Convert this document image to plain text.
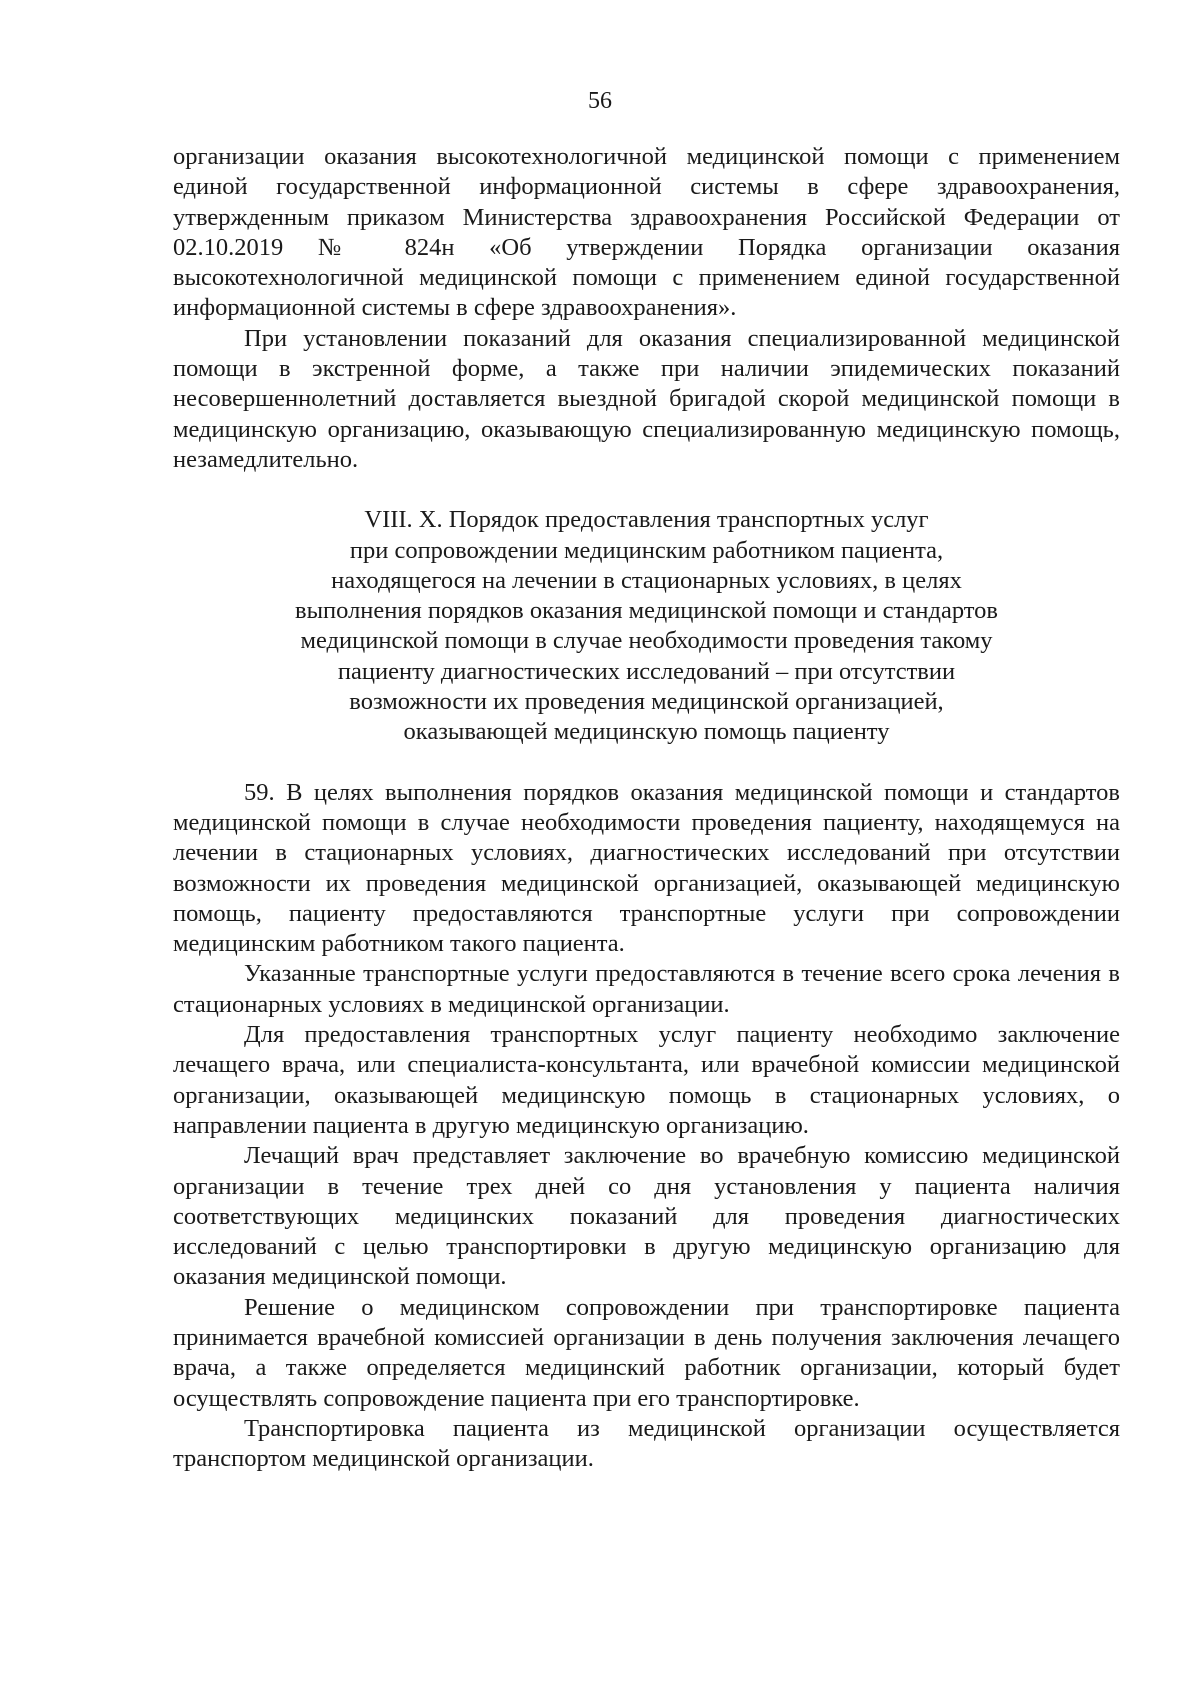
56

организации оказания высокотехнологичной медицинской помощи с применением единой государственной информационной системы в сфере здравоохранения, утвержденным приказом Министерства здравоохранения Российской Федерации от 02.10.2019 № 824н «Об утверждении Порядка организации оказания высокотехнологичной медицинской помощи с применением единой государственной информационной системы в сфере здравоохранения».

При установлении показаний для оказания специализированной медицинской помощи в экстренной форме, а также при наличии эпидемических показаний несовершеннолетний доставляется выездной бригадой скорой медицинской помощи в медицинскую организацию, оказывающую специализированную медицинскую помощь, незамедлительно.

VIII. X. Порядок предоставления транспортных услуг
при сопровождении медицинским работником пациента,
находящегося на лечении в стационарных условиях, в целях
выполнения порядков оказания медицинской помощи и стандартов
медицинской помощи в случае необходимости проведения такому
пациенту диагностических исследований – при отсутствии
возможности их проведения медицинской организацией,
оказывающей медицинскую помощь пациенту

59. В целях выполнения порядков оказания медицинской помощи и стандартов медицинской помощи в случае необходимости проведения пациенту, находящемуся на лечении в стационарных условиях, диагностических исследований при отсутствии возможности их проведения медицинской организацией, оказывающей медицинскую помощь, пациенту предоставляются транспортные услуги при сопровождении медицинским работником такого пациента.

Указанные транспортные услуги предоставляются в течение всего срока лечения в стационарных условиях в медицинской организации.

Для предоставления транспортных услуг пациенту необходимо заключение лечащего врача, или специалиста-консультанта, или врачебной комиссии медицинской организации, оказывающей медицинскую помощь в стационарных условиях, о направлении пациента в другую медицинскую организацию.

Лечащий врач представляет заключение во врачебную комиссию медицинской организации в течение трех дней со дня установления у пациента наличия соответствующих медицинских показаний для проведения диагностических исследований с целью транспортировки в другую медицинскую организацию для оказания медицинской помощи.

Решение о медицинском сопровождении при транспортировке пациента принимается врачебной комиссией организации в день получения заключения лечащего врача, а также определяется медицинский работник организации, который будет осуществлять сопровождение пациента при его транспортировке.

Транспортировка пациента из медицинской организации осуществляется транспортом медицинской организации.
